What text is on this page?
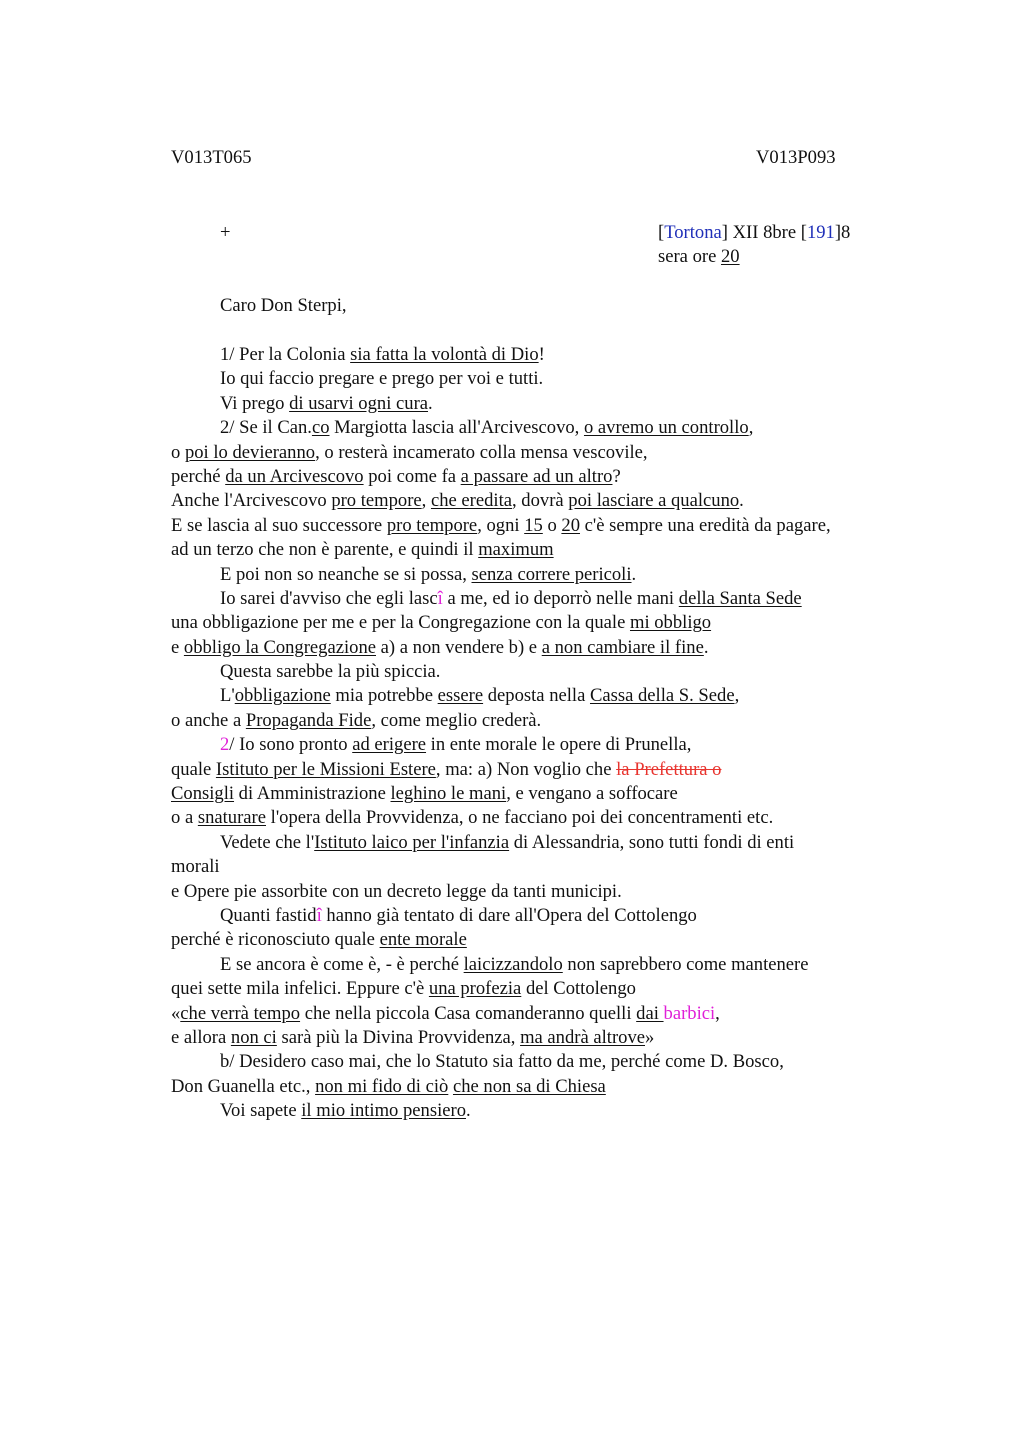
V013T065	V013P093
+	[Tortona] XII 8bre [191]8
sera ore 20
Caro Don Sterpi,
1/ Per la Colonia sia fatta la volontà di Dio!
Io qui faccio pregare e prego per voi e tutti.
Vi prego di usarvi ogni cura.
2/ Se il Can.co Margiotta lascia all'Arcivescovo, o avremo un controllo,
o poi lo devieranno, o resterà incamerato colla mensa vescovile,
perché da un Arcivescovo poi come fa a passare ad un altro?
Anche l'Arcivescovo pro tempore, che eredita, dovrà poi lasciare a qualcuno.
E se lascia al suo successore pro tempore, ogni 15 o 20 c'è sempre una eredità da pagare,
ad un terzo che non è parente, e quindi il maximum
E poi non so neanche se si possa, senza correre pericoli.
Io sarei d'avviso che egli lascî a me, ed io deporrò nelle mani della Santa Sede
una obbligazione per me e per la Congregazione con la quale mi obbligo
e obbligo la Congregazione a) a non vendere b) e a non cambiare il fine.
Questa sarebbe la più spiccia.
L'obbligazione mia potrebbe essere deposta nella Cassa della S. Sede,
o anche a Propaganda Fide, come meglio crederà.
2/ Io sono pronto ad erigere in ente morale le opere di Prunella,
quale Istituto per le Missioni Estere, ma: a) Non voglio che la Prefettura o
Consigli di Amministrazione leghino le mani, e vengano a soffocare
o a snaturare l'opera della Provvidenza, o ne facciano poi dei concentramenti etc.
Vedete che l'Istituto laico per l'infanzia di Alessandria, sono tutti fondi di enti
morali
e Opere pie assorbite con un decreto legge da tanti municipi.
Quanti fastidî hanno già tentato di dare all'Opera del Cottolengo
perché è riconosciuto quale ente morale
E se ancora è come è, - è perché laicizzandolo non saprebbero come mantenere
quei sette mila infelici. Eppure c'è una profezia del Cottolengo
«che verrà tempo che nella piccola Casa comanderanno quelli dai barbici,
e allora non ci sarà più la Divina Provvidenza, ma andrà altrove»
b/ Desidero caso mai, che lo Statuto sia fatto da me, perché come D. Bosco,
Don Guanella etc., non mi fido di ciò che non sa di Chiesa
Voi sapete il mio intimo pensiero.
